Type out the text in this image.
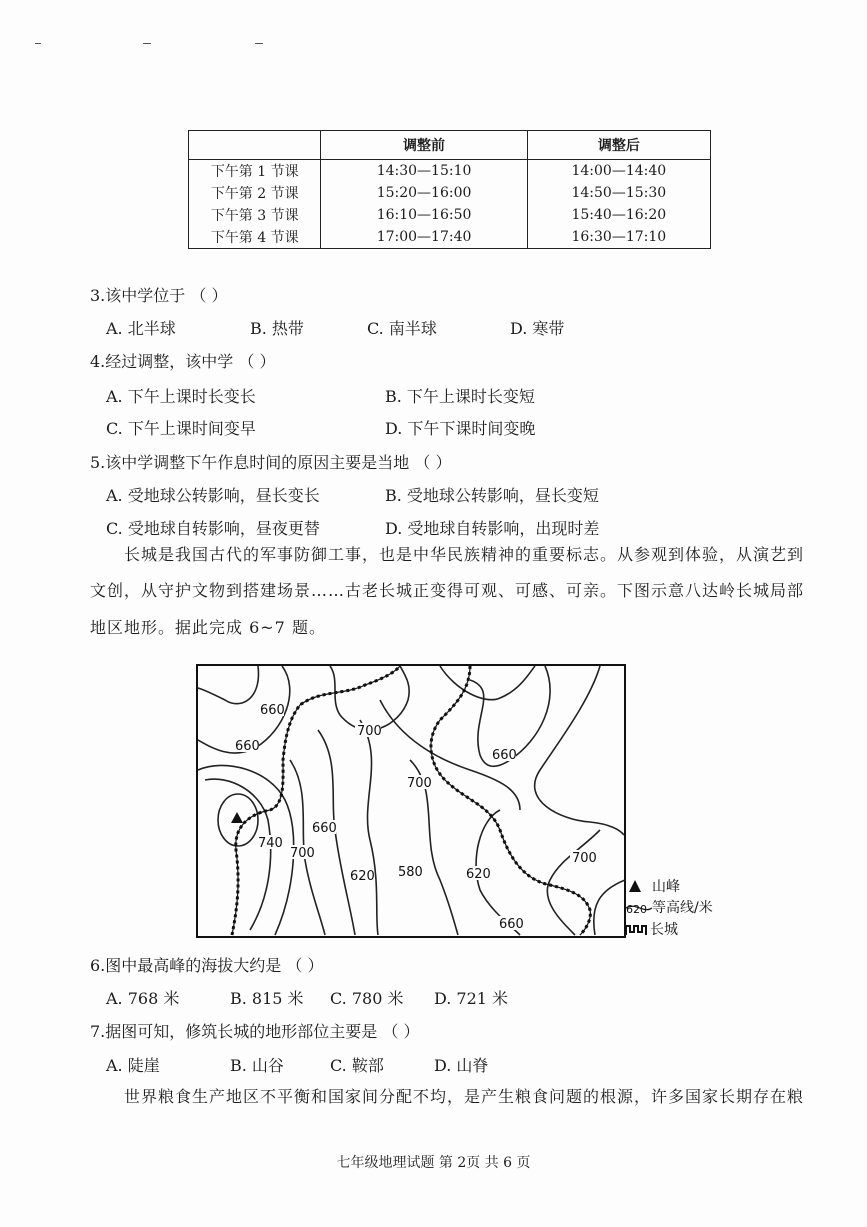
	调整前	调整后
下午第 1 节课	14:30—15:10	14:00—14:40
下午第 2 节课	15:20—16:00	14:50—15:30
下午第 3 节课	16:10—16:50	15:40—16:20
下午第 4 节课	17:00—17:40	16:30—17:10
3.该中学位于 （ ）
A. 北半球	B. 热带	C. 南半球	D. 寒带
4.经过调整，该中学 （ ）
A. 下午上课时长变长	B. 下午上课时长变短
C. 下午上课时间变早	D. 下午下课时间变晚
5.该中学调整下午作息时间的原因主要是当地 （ ）
A. 受地球公转影响，昼长变长	B. 受地球公转影响，昼长变短
C. 受地球自转影响，昼夜更替	D. 受地球自转影响，出现时差
长城是我国古代的军事防御工事，也是中华民族精神的重要标志。从参观到体验，从演艺到
文创，从守护文物到搭建场景……古老长城正变得可观、可感、可亲。下图示意八达岭长城局部
地区地形。据此完成 6~7 题。
660
660
700
660
700
740
700
660
620 580	620
700
660
山峰
620 等高线/米
长城
6.图中最高峰的海拔大约是 （ ）
A. 768 米	B. 815 米 C. 780 米 D. 721 米
7.据图可知，修筑长城的地形部位主要是 （ ）
A. 陡崖	B. 山谷	C. 鞍部	D. 山脊
世界粮食生产地区不平衡和国家间分配不均，是产生粮食问题的根源，许多国家长期存在粮
七年级地理试题 第 2页 共 6 页
